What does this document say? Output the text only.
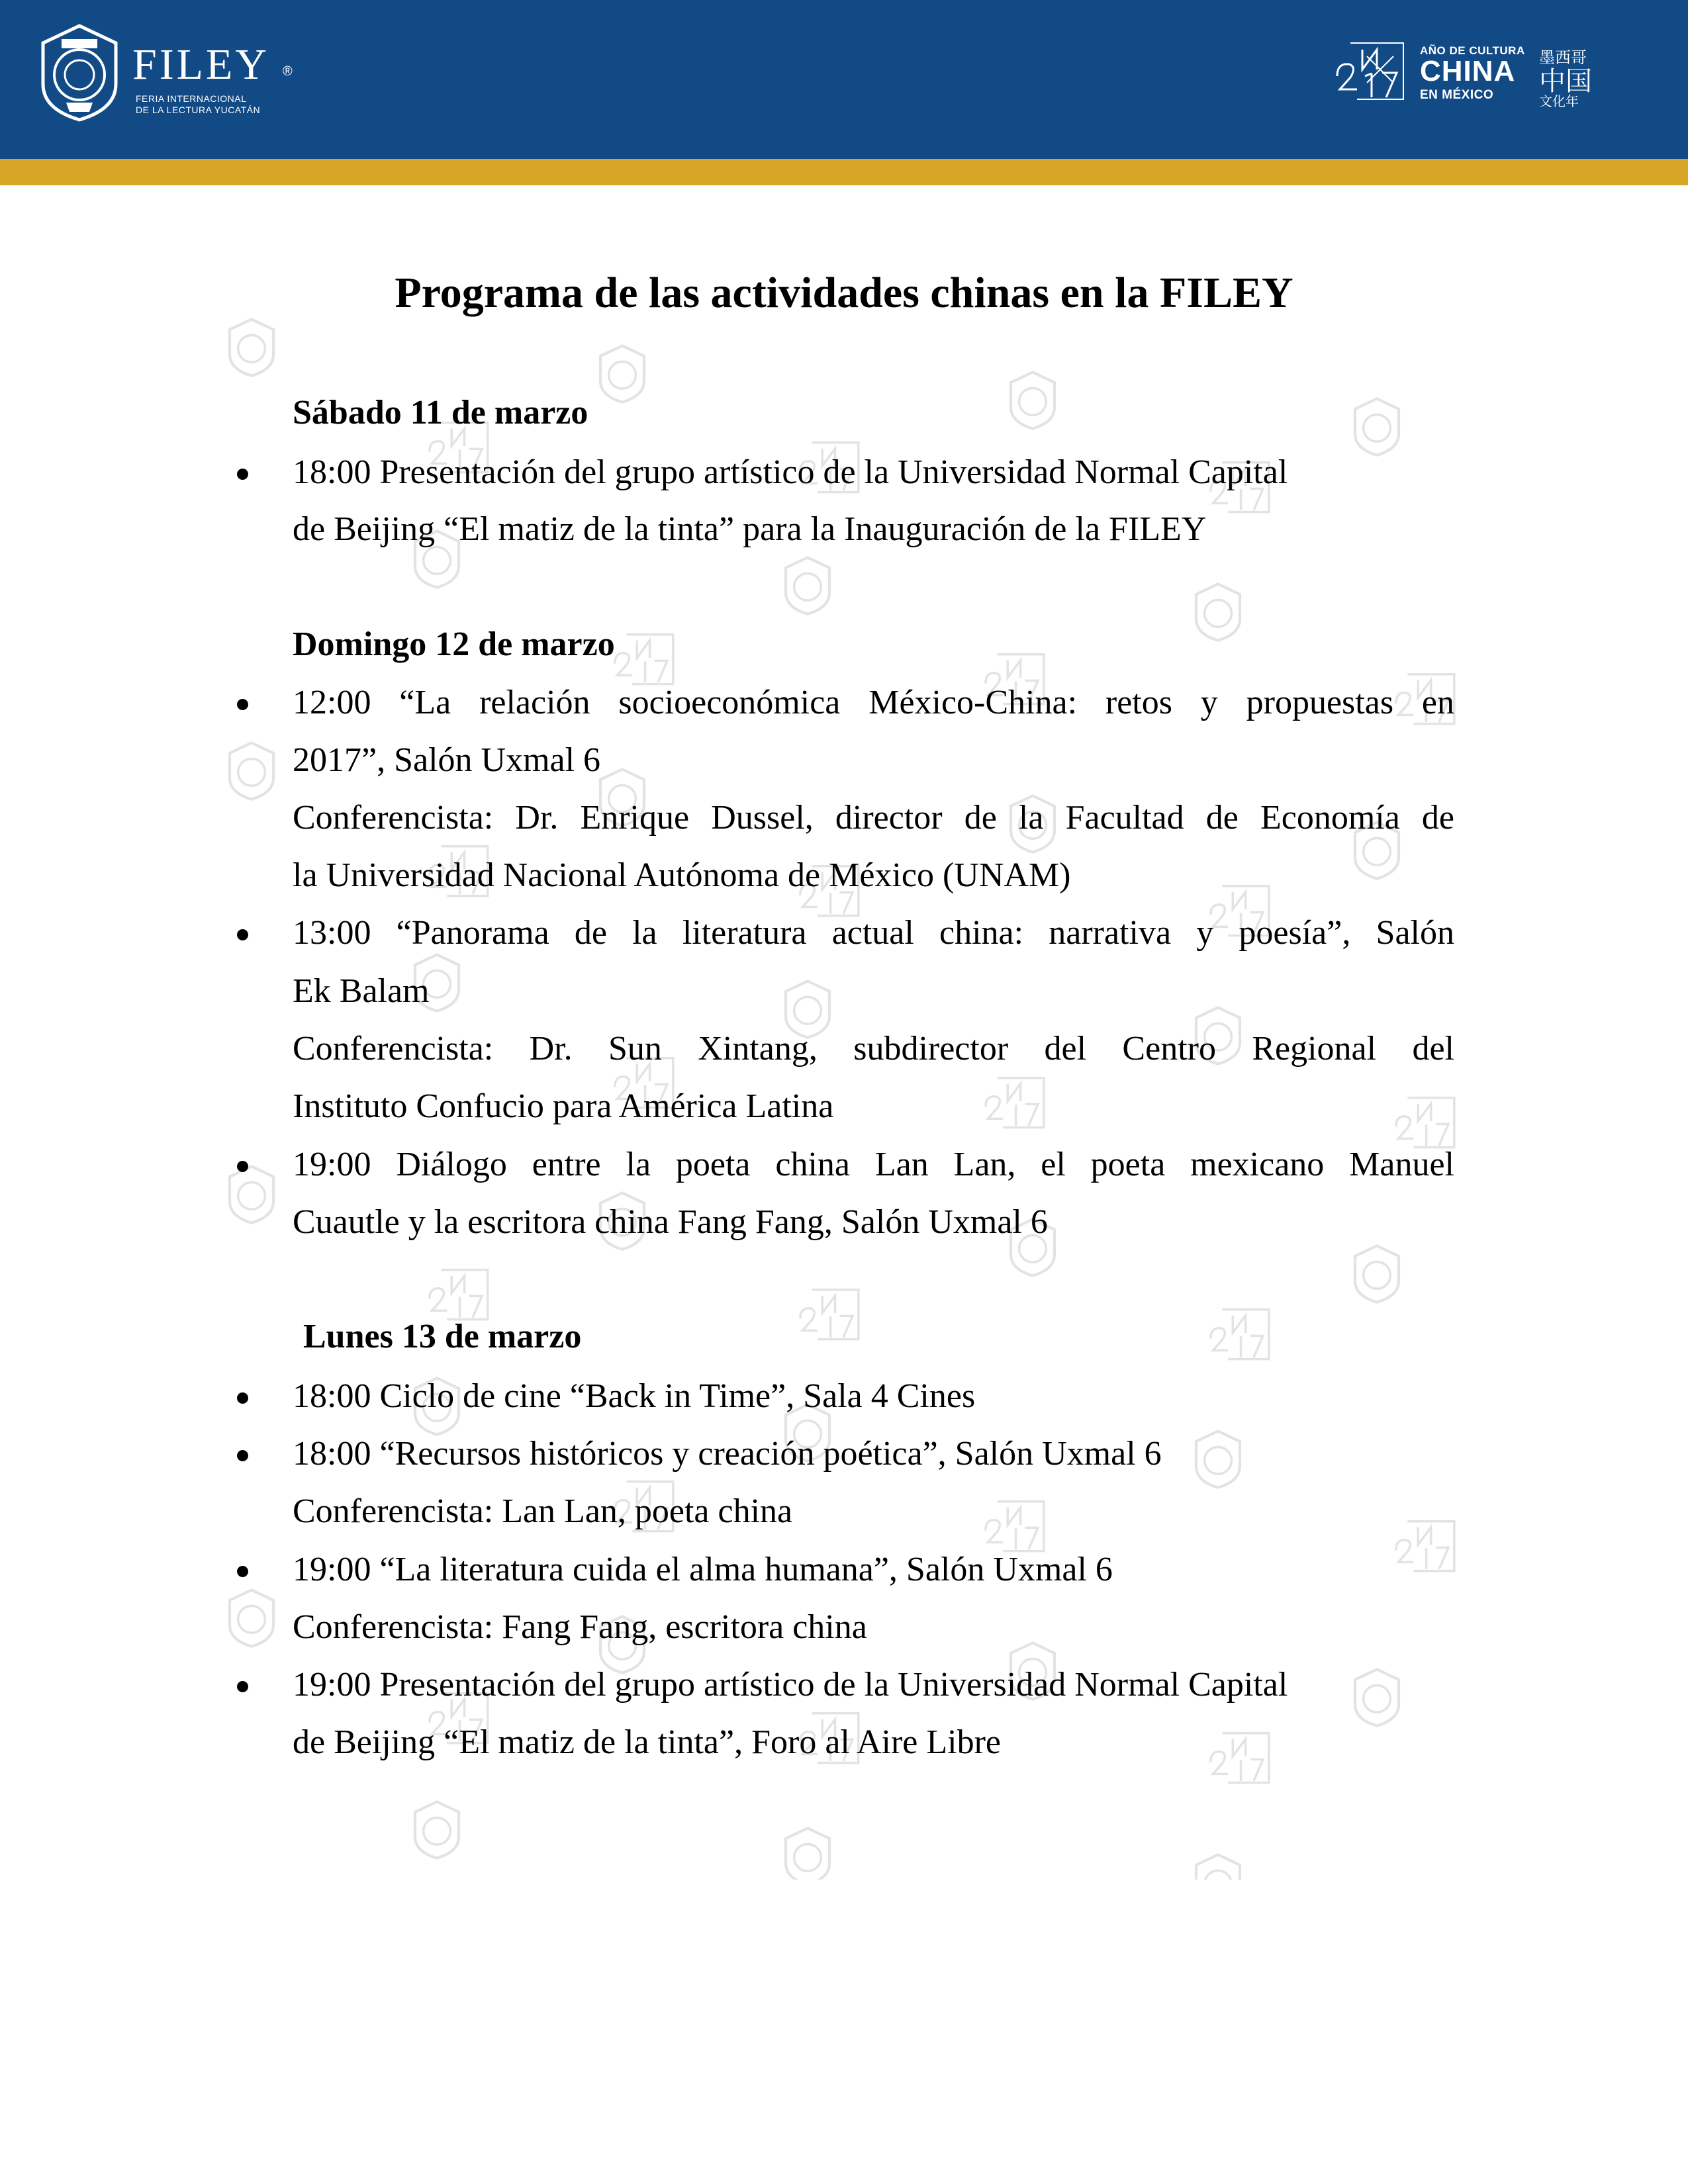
FILEY ®
FERIA INTERNACIONAL
DE LA LECTURA YUCATÁN
AÑO DE CULTURA
CHINA
EN MÉXICO
墨西哥
中国
文化年
Programa de las actividades chinas en la FILEY
Sábado 11 de marzo
18:00 Presentación del grupo artístico de la Universidad Normal Capital
de Beijing “El matiz de la tinta” para la Inauguración de la FILEY
Domingo 12 de marzo
12:00 “La relación socioeconómica México-China: retos y propuestas en
2017”, Salón Uxmal 6
Conferencista: Dr. Enrique Dussel, director de la Facultad de Economía de
la Universidad Nacional Autónoma de México (UNAM)
13:00 “Panorama de la literatura actual china: narrativa y poesía”, Salón
Ek Balam
Conferencista: Dr. Sun Xintang, subdirector del Centro Regional del
Instituto Confucio para América Latina
19:00 Diálogo entre la poeta china Lan Lan, el poeta mexicano Manuel
Cuautle y la escritora china Fang Fang, Salón Uxmal 6
Lunes 13 de marzo
18:00 Ciclo de cine “Back in Time”, Sala 4 Cines
18:00 “Recursos históricos y creación poética”, Salón Uxmal 6
Conferencista: Lan Lan, poeta china
19:00 “La literatura cuida el alma humana”, Salón Uxmal 6
Conferencista: Fang Fang, escritora china
19:00 Presentación del grupo artístico de la Universidad Normal Capital
de Beijing “El matiz de la tinta”, Foro al Aire Libre
